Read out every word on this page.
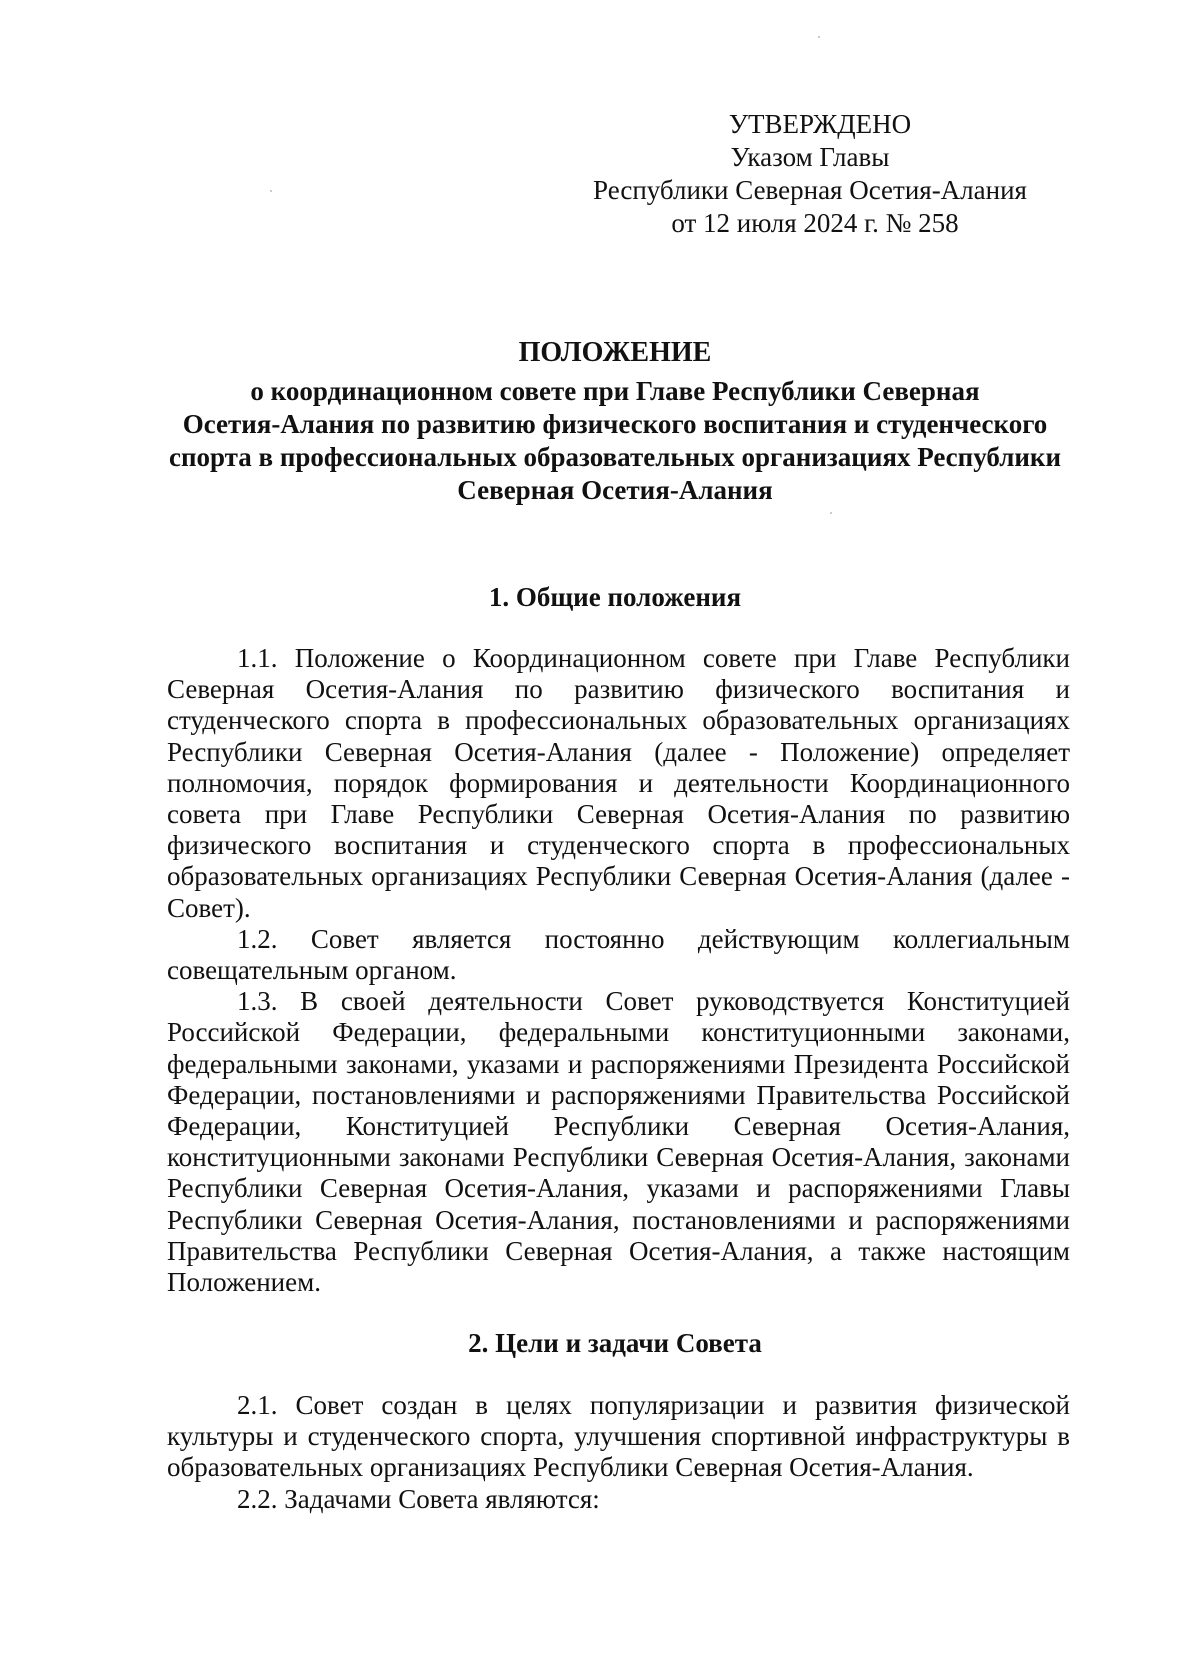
УТВЕРЖДЕНО
Указом Главы
Республики Северная Осетия-Алания
от 12 июля 2024 г. № 258
ПОЛОЖЕНИЕ
о координационном совете при Главе Республики Северная
Осетия-Алания по развитию физического воспитания и студенческого
спорта в профессиональных образовательных организациях Республики
Северная Осетия-Алания
1. Общие положения

1.1. Положение о Координационном совете при Главе Республики Северная Осетия-Алания по развитию физического воспитания и студенческого спорта в профессиональных образовательных организациях Республики Северная Осетия-Алания (далее - Положение) определяет полномочия, порядок формирования и деятельности Координационного совета при Главе Республики Северная Осетия-Алания по развитию физического воспитания и студенческого спорта в профессиональных образовательных организациях Республики Северная Осетия-Алания (далее - Совет).

1.2. Совет является постоянно действующим коллегиальным совещательным органом.

1.3. В своей деятельности Совет руководствуется Конституцией Российской Федерации, федеральными конституционными законами, федеральными законами, указами и распоряжениями Президента Российской Федерации, постановлениями и распоряжениями Правительства Российской Федерации, Конституцией Республики Северная Осетия-Алания, конституционными законами Республики Северная Осетия-Алания, законами Республики Северная Осетия-Алания, указами и распоряжениями Главы Республики Северная Осетия-Алания, постановлениями и распоряжениями Правительства Республики Северная Осетия-Алания, а также настоящим Положением.

2. Цели и задачи Совета

2.1. Совет создан в целях популяризации и развития физической культуры и студенческого спорта, улучшения спортивной инфраструктуры в образовательных организациях Республики Северная Осетия-Алания.

2.2. Задачами Совета являются:
